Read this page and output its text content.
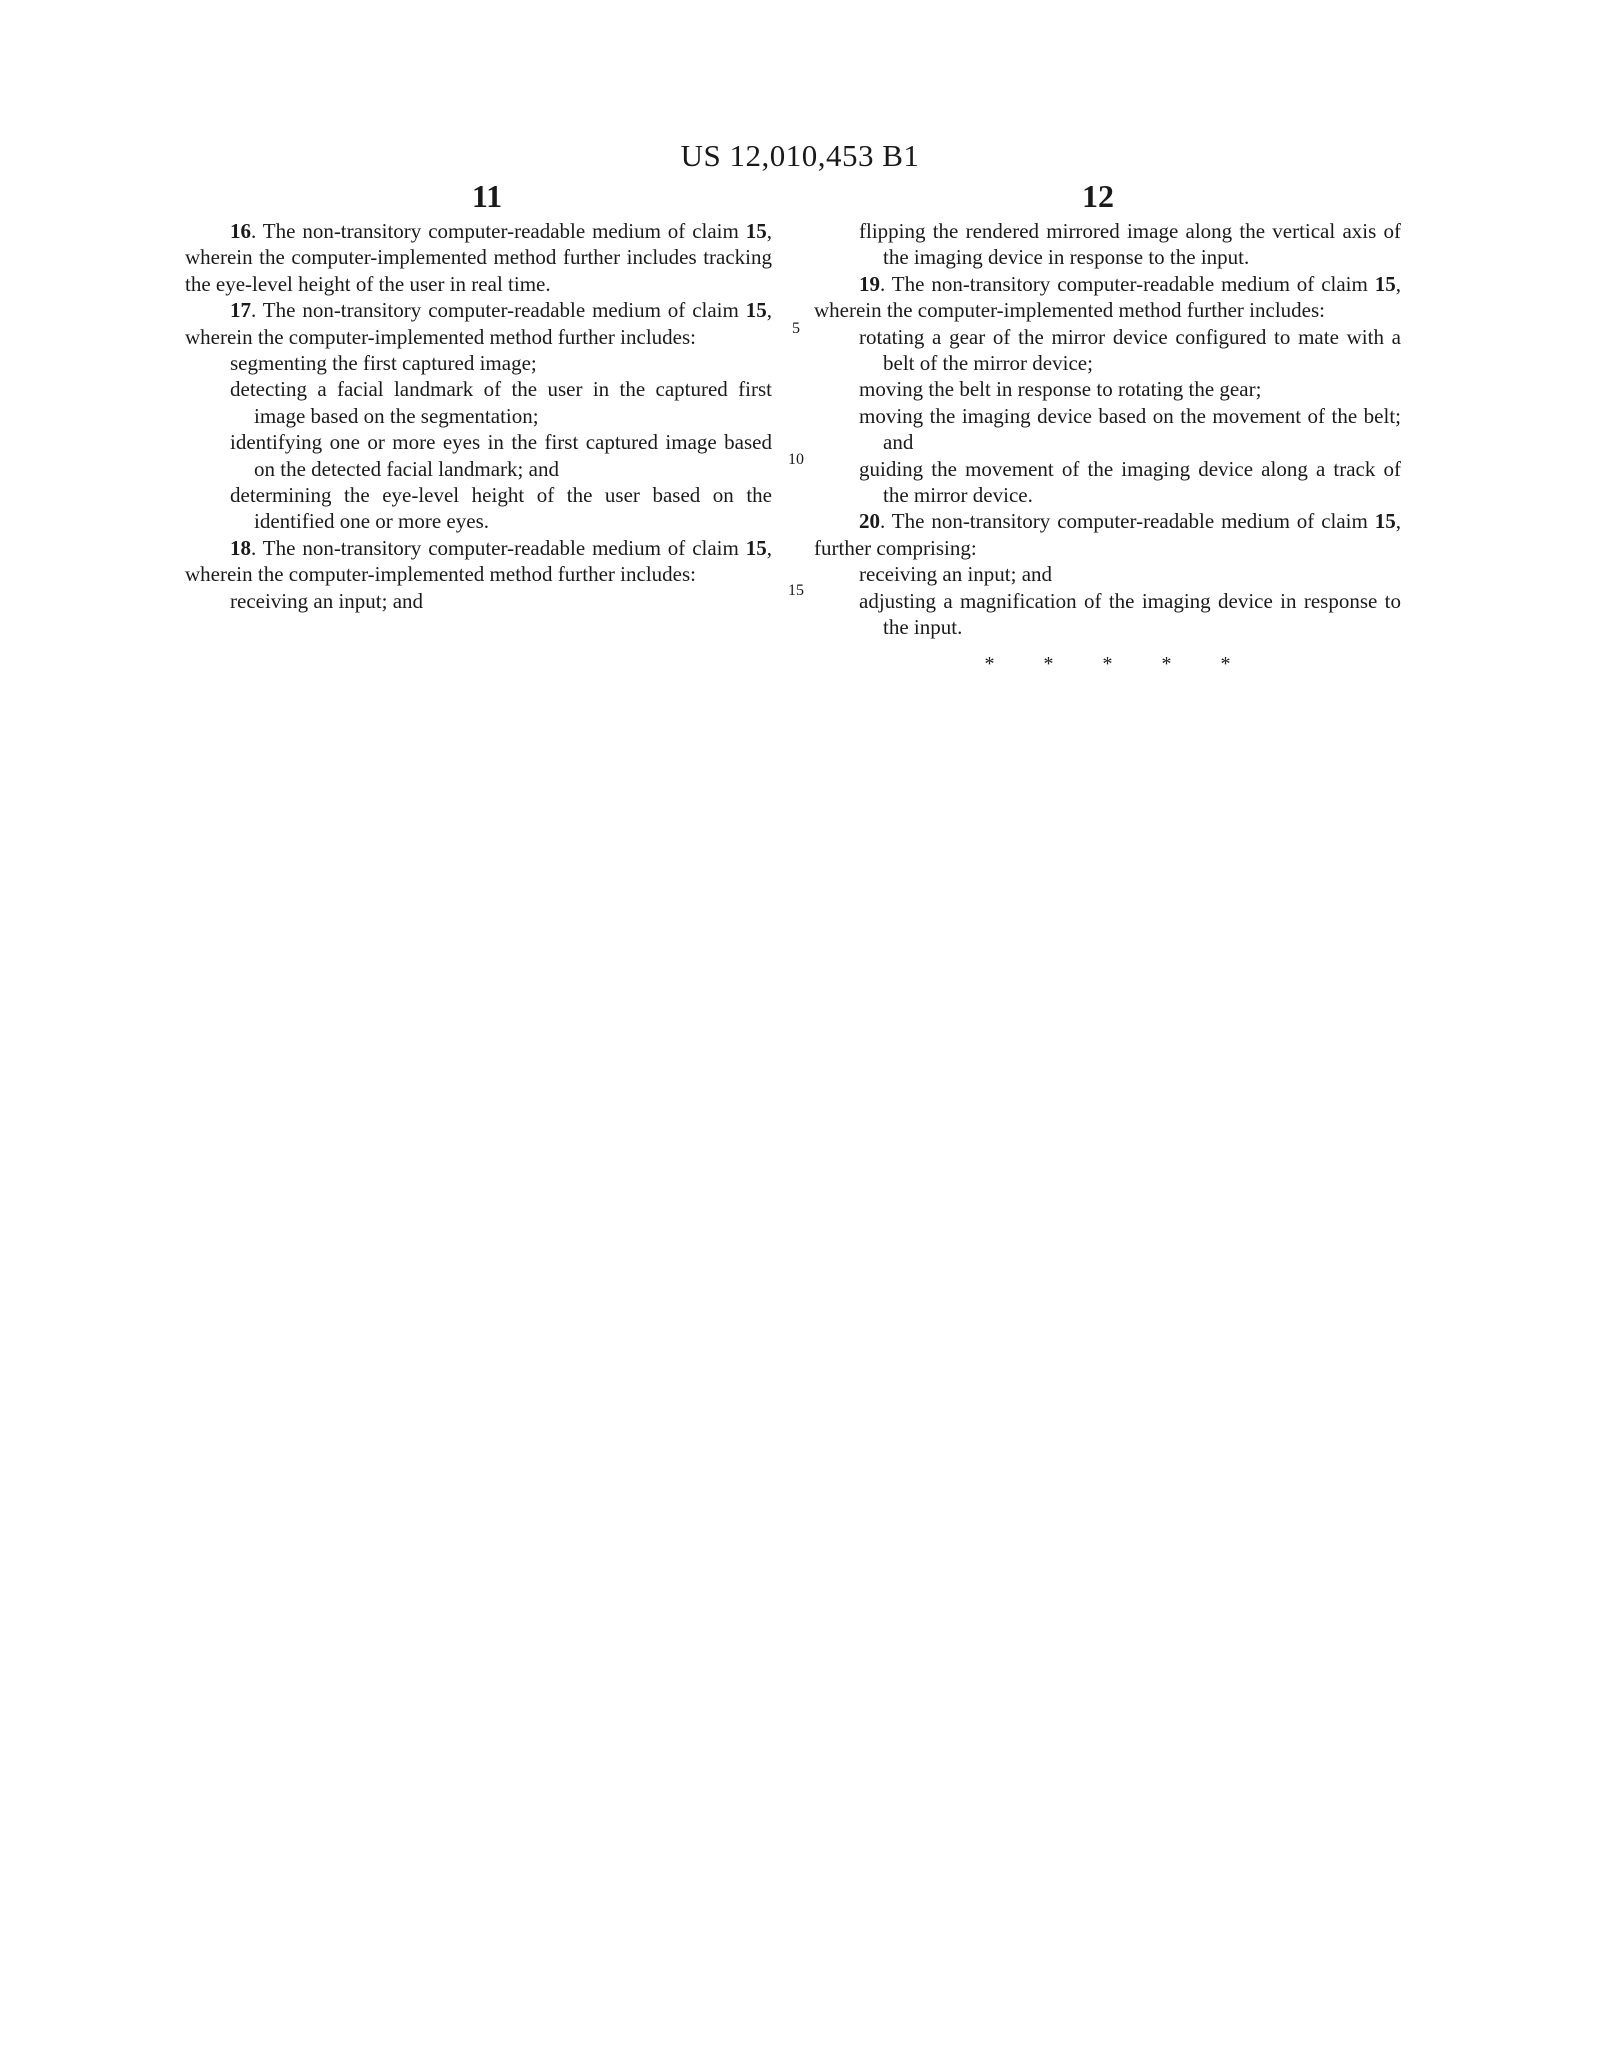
US 12,010,453 B1
11	12
5
10
15

16. The non-transitory computer-readable medium of claim 15, wherein the computer-implemented method further includes tracking the eye-level height of the user in real time.

17. The non-transitory computer-readable medium of claim 15, wherein the computer-implemented method further includes:

segmenting the first captured image;

detecting a facial landmark of the user in the captured first image based on the segmentation;

identifying one or more eyes in the first captured image based on the detected facial landmark; and

determining the eye-level height of the user based on the identified one or more eyes.

18. The non-transitory computer-readable medium of claim 15, wherein the computer-implemented method further includes:

receiving an input; and

flipping the rendered mirrored image along the vertical axis of the imaging device in response to the input.

19. The non-transitory computer-readable medium of claim 15, wherein the computer-implemented method further includes:

rotating a gear of the mirror device configured to mate with a belt of the mirror device;

moving the belt in response to rotating the gear;

moving the imaging device based on the movement of the belt; and

guiding the movement of the imaging device along a track of the mirror device.

20. The non-transitory computer-readable medium of claim 15, further comprising:

receiving an input; and

adjusting a magnification of the imaging device in response to the input.

* * * * *
